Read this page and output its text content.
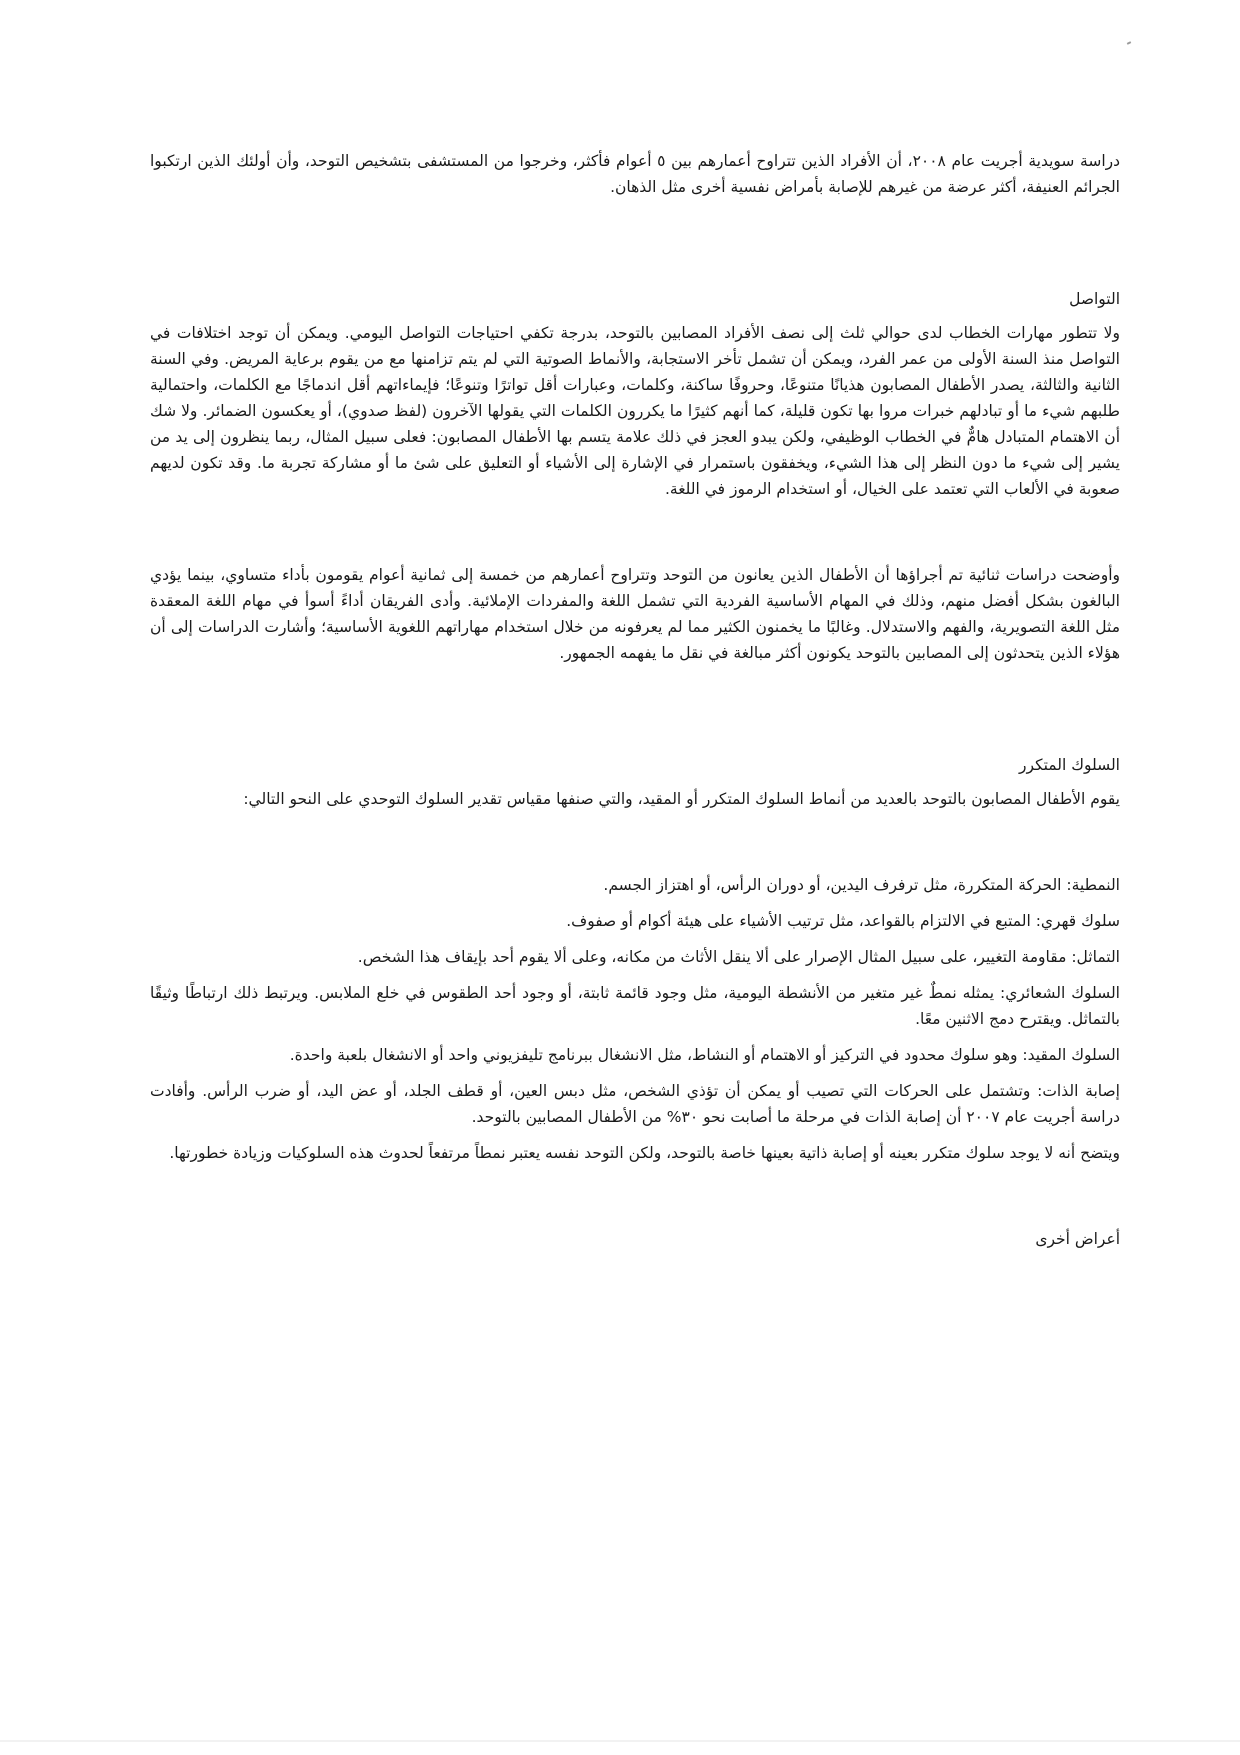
دراسة سويدية أجريت عام ٢٠٠٨، أن الأفراد الذين تتراوح أعمارهم بين ٥ أعوام فأكثر، وخرجوا من المستشفى بتشخيص التوحد، وأن أولئك الذين ارتكبوا الجرائم العنيفة، أكثر عرضة من غيرهم للإصابة بأمراض نفسية أخرى مثل الذهان.

التواصل

ولا تتطور مهارات الخطاب لدى حوالي ثلث إلى نصف الأفراد المصابين بالتوحد، بدرجة تكفي احتياجات التواصل اليومي. ويمكن أن توجد اختلافات في التواصل منذ السنة الأولى من عمر الفرد، ويمكن أن تشمل تأخر الاستجابة، والأنماط الصوتية التي لم يتم تزامنها مع من يقوم برعاية المريض. وفي السنة الثانية والثالثة، يصدر الأطفال المصابون هذيانًا متنوعًا، وحروفًا ساكنة، وكلمات، وعبارات أقل تواترًا وتنوعًا؛ فإيماءاتهم أقل اندماجًا مع الكلمات، واحتمالية طلبهم شيء ما أو تبادلهم خبرات مروا بها تكون قليلة، كما أنهم كثيرًا ما يكررون الكلمات التي يقولها الآخرون (لفظ صدوي)، أو يعكسون الضمائر. ولا شك أن الاهتمام المتبادل هامٌّ في الخطاب الوظيفي، ولكن يبدو العجز في ذلك علامة يتسم بها الأطفال المصابون: فعلى سبيل المثال، ربما ينظرون إلى يد من يشير إلى شيء ما دون النظر إلى هذا الشيء، ويخفقون باستمرار في الإشارة إلى الأشياء أو التعليق على شئ ما أو مشاركة تجربة ما. وقد تكون لديهم صعوبة في الألعاب التي تعتمد على الخيال، أو استخدام الرموز في اللغة.

وأوضحت دراسات ثنائية تم أجراؤها أن الأطفال الذين يعانون من التوحد وتتراوح أعمارهم من خمسة إلى ثمانية أعوام يقومون بأداء متساوي، بينما يؤدي البالغون بشكل أفضل منهم، وذلك في المهام الأساسية الفردية التي تشمل اللغة والمفردات الإملائية. وأدى الفريقان أداءً أسوأ في مهام اللغة المعقدة مثل اللغة التصويرية، والفهم والاستدلال. وغالبًا ما يخمنون الكثير مما لم يعرفونه من خلال استخدام مهاراتهم اللغوية الأساسية؛ وأشارت الدراسات إلى أن هؤلاء الذين يتحدثون إلى المصابين بالتوحد يكونون أكثر مبالغة في نقل ما يفهمه الجمهور.

السلوك المتكرر

يقوم الأطفال المصابون بالتوحد بالعديد من أنماط السلوك المتكرر أو المقيد، والتي صنفها مقياس تقدير السلوك التوحدي على النحو التالي:

النمطية: الحركة المتكررة، مثل ترفرف اليدين، أو دوران الرأس، أو اهتزاز الجسم.

سلوك قهري: المتبع في الالتزام بالقواعد، مثل ترتيب الأشياء على هيئة أكوام أو صفوف.

التماثل: مقاومة التغيير، على سبيل المثال الإصرار على ألا ينقل الأثاث من مكانه، وعلى ألا يقوم أحد بإيقاف هذا الشخص.

السلوك الشعائري: يمثله نمطٌ غير متغير من الأنشطة اليومية، مثل وجود قائمة ثابتة، أو وجود أحد الطقوس في خلع الملابس. ويرتبط ذلك ارتباطًا وثيقًا بالتماثل. ويقترح دمج الاثنين معًا.

السلوك المقيد: وهو سلوك محدود في التركيز أو الاهتمام أو النشاط، مثل الانشغال ببرنامج تليفزيوني واحد أو الانشغال بلعبة واحدة.

إصابة الذات: وتشتمل على الحركات التي تصيب أو يمكن أن تؤذي الشخص، مثل دبس العين، أو قطف الجلد، أو عض اليد، أو ضرب الرأس. وأفادت دراسة أجريت عام ٢٠٠٧ أن إصابة الذات في مرحلة ما أصابت نحو ٣٠% من الأطفال المصابين بالتوحد.

ويتضح أنه لا يوجد سلوك متكرر بعينه أو إصابة ذاتية بعينها خاصة بالتوحد، ولكن التوحد نفسه يعتبر نمطاً مرتفعاً لحدوث هذه السلوكيات وزيادة خطورتها.

أعراض أخرى
